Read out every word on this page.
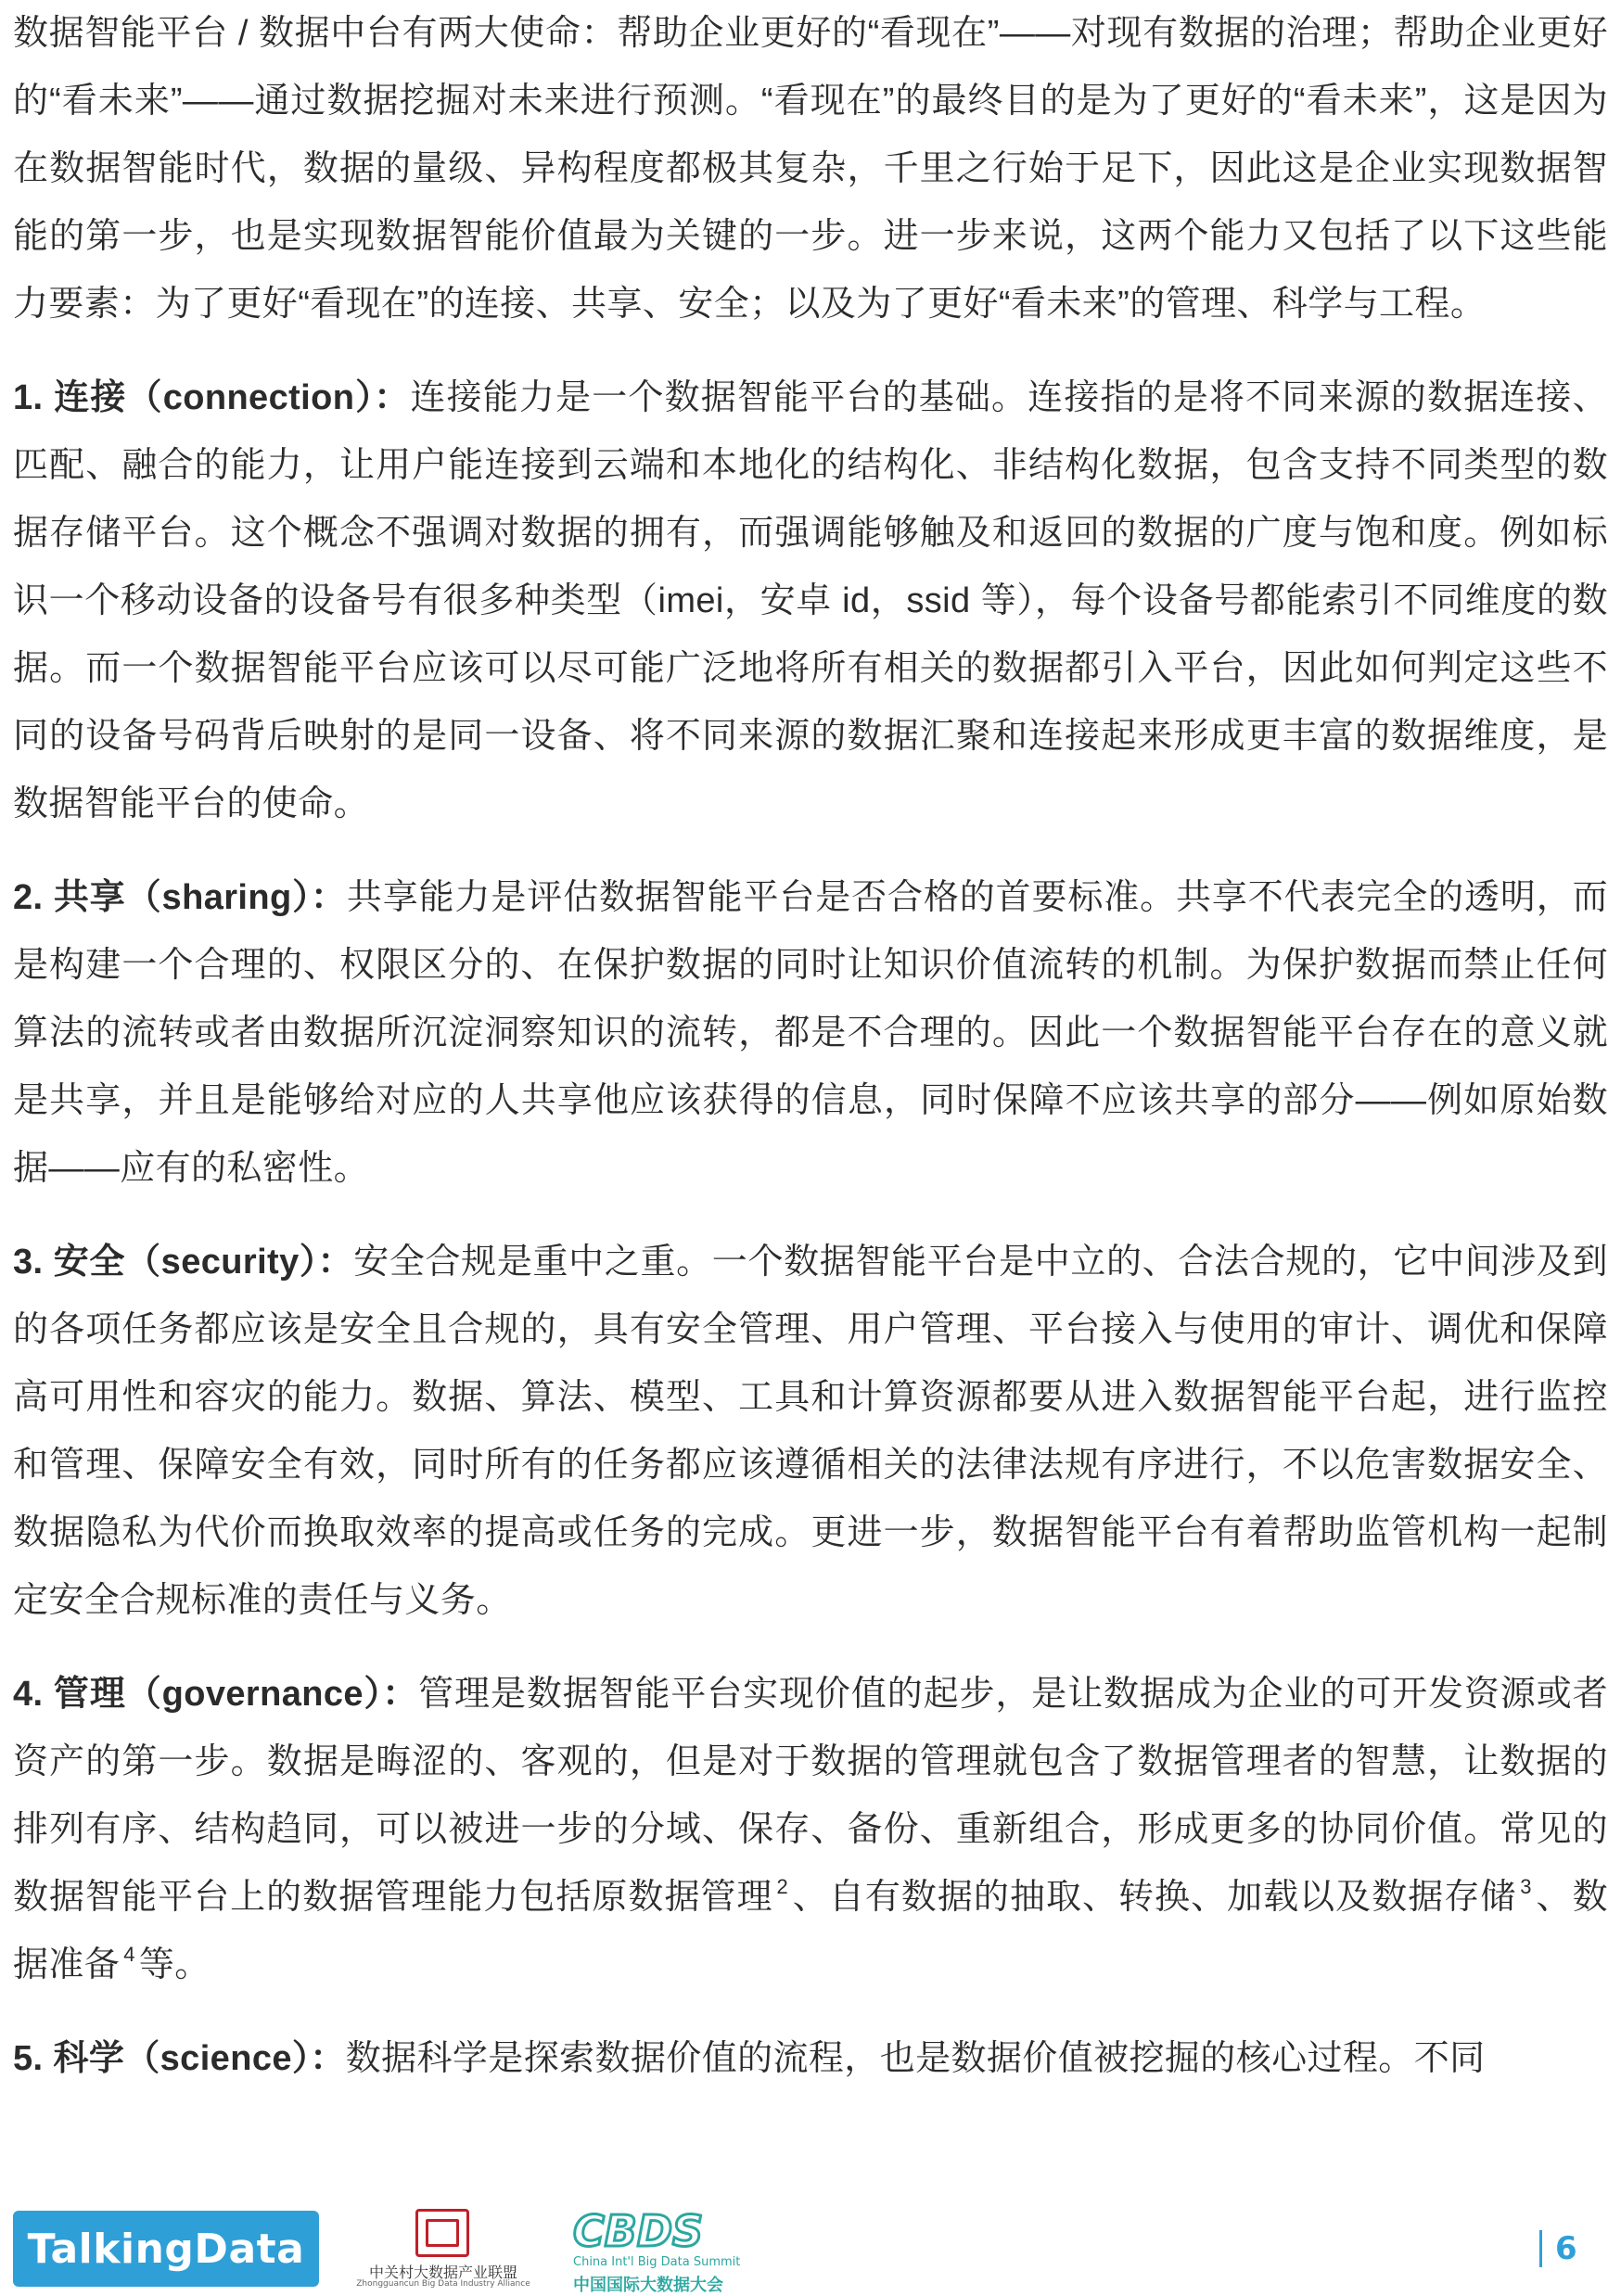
数据智能平台 / 数据中台有两大使命：帮助企业更好的“看现在”——对现有数据的治理；帮助企业更好的“看未来”——通过数据挖掘对未来进行预测。“看现在”的最终目的是为了更好的“看未来”，这是因为在数据智能时代，数据的量级、异构程度都极其复杂，千里之行始于足下，因此这是企业实现数据智能的第一步，也是实现数据智能价值最为关键的一步。进一步来说，这两个能力又包括了以下这些能力要素：为了更好“看现在”的连接、共享、安全；以及为了更好“看未来”的管理、科学与工程。

1. 连接（connection）：连接能力是一个数据智能平台的基础。连接指的是将不同来源的数据连接、匹配、融合的能力，让用户能连接到云端和本地化的结构化、非结构化数据，包含支持不同类型的数据存储平台。这个概念不强调对数据的拥有，而强调能够触及和返回的数据的广度与饱和度。例如标识一个移动设备的设备号有很多种类型（imei，安卓 id，ssid 等），每个设备号都能索引不同维度的数据。而一个数据智能平台应该可以尽可能广泛地将所有相关的数据都引入平台，因此如何判定这些不同的设备号码背后映射的是同一设备、将不同来源的数据汇聚和连接起来形成更丰富的数据维度，是数据智能平台的使命。

2. 共享（sharing）：共享能力是评估数据智能平台是否合格的首要标准。共享不代表完全的透明，而是构建一个合理的、权限区分的、在保护数据的同时让知识价值流转的机制。为保护数据而禁止任何算法的流转或者由数据所沉淀洞察知识的流转，都是不合理的。因此一个数据智能平台存在的意义就是共享，并且是能够给对应的人共享他应该获得的信息，同时保障不应该共享的部分——例如原始数据——应有的私密性。

3. 安全（security）：安全合规是重中之重。一个数据智能平台是中立的、合法合规的，它中间涉及到的各项任务都应该是安全且合规的，具有安全管理、用户管理、平台接入与使用的审计、调优和保障高可用性和容灾的能力。数据、算法、模型、工具和计算资源都要从进入数据智能平台起，进行监控和管理、保障安全有效，同时所有的任务都应该遵循相关的法律法规有序进行，不以危害数据安全、数据隐私为代价而换取效率的提高或任务的完成。更进一步，数据智能平台有着帮助监管机构一起制定安全合规标准的责任与义务。

4. 管理（governance）：管理是数据智能平台实现价值的起步，是让数据成为企业的可开发资源或者资产的第一步。数据是晦涩的、客观的，但是对于数据的管理就包含了数据管理者的智慧，让数据的排列有序、结构趋同，可以被进一步的分域、保存、备份、重新组合，形成更多的协同价值。常见的数据智能平台上的数据管理能力包括原数据管理 $^2$ 、自有数据的抽取、转换、加载以及数据存储 $^3$ 、数据准备 $^4$ 等。

5. 科学（science）：数据科学是探索数据价值的流程，也是数据价值被挖掘的核心过程。不同

TalkingData	中关村大数据产业联盟
Zhongguancun Big Data Industry Alliance
CBDS
China Int'l Big Data Summit
中国国际大数据大会
6
